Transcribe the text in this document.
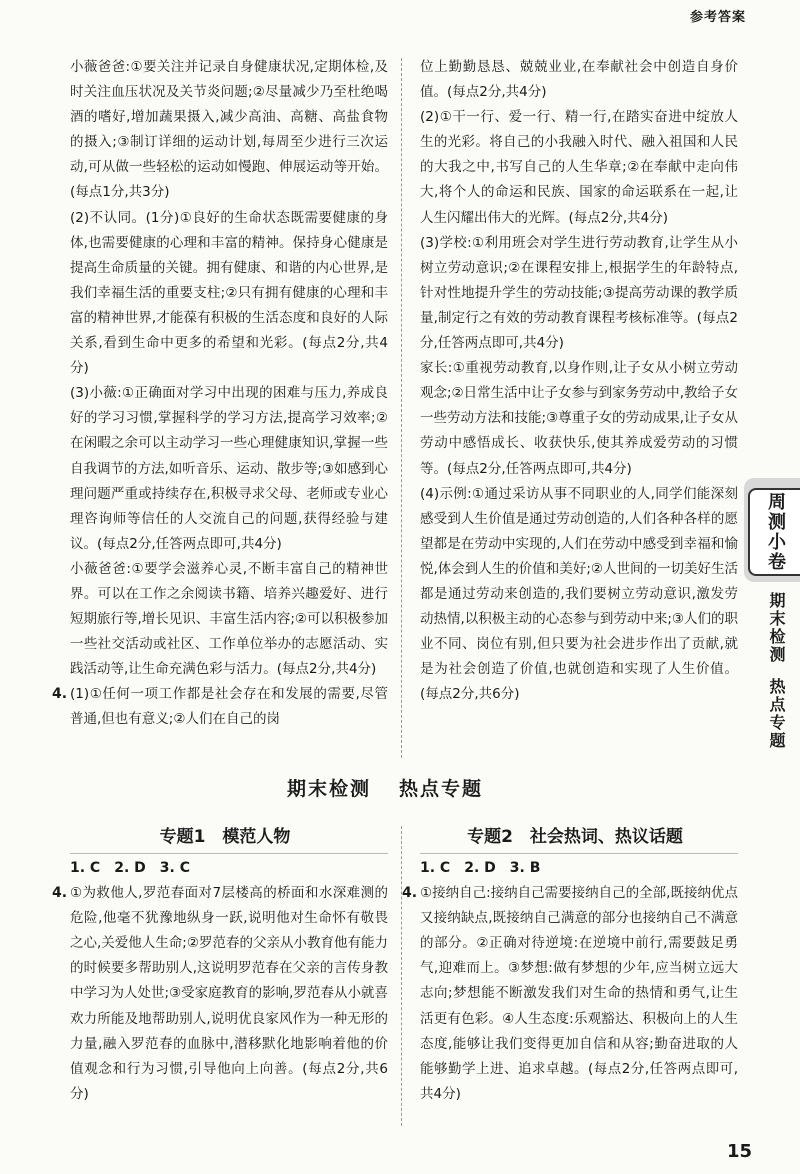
参考答案

小薇爸爸:①要关注并记录自身健康状况,定期体检,及时关注血压状况及关节炎问题;②尽量减少乃至杜绝喝酒的嗜好,增加蔬果摄入,减少高油、高糖、高盐食物的摄入;③制订详细的运动计划,每周至少进行三次运动,可从做一些轻松的运动如慢跑、伸展运动等开始。(每点1分,共3分)

(2)不认同。(1分)①良好的生命状态既需要健康的身体,也需要健康的心理和丰富的精神。保持身心健康是提高生命质量的关键。拥有健康、和谐的内心世界,是我们幸福生活的重要支柱;②只有拥有健康的心理和丰富的精神世界,才能葆有积极的生活态度和良好的人际关系,看到生命中更多的希望和光彩。(每点2分,共4分)

(3)小薇:①正确面对学习中出现的困难与压力,养成良好的学习习惯,掌握科学的学习方法,提高学习效率;②在闲暇之余可以主动学习一些心理健康知识,掌握一些自我调节的方法,如听音乐、运动、散步等;③如感到心理问题严重或持续存在,积极寻求父母、老师或专业心理咨询师等信任的人交流自己的问题,获得经验与建议。(每点2分,任答两点即可,共4分)

小薇爸爸:①要学会滋养心灵,不断丰富自己的精神世界。可以在工作之余阅读书籍、培养兴趣爱好、进行短期旅行等,增长见识、丰富生活内容;②可以积极参加一些社交活动或社区、工作单位举办的志愿活动、实践活动等,让生命充满色彩与活力。(每点2分,共4分)

4. (1)①任何一项工作都是社会存在和发展的需要,尽管普通,但也有意义;②人们在自己的岗

位上勤勤恳恳、兢兢业业,在奉献社会中创造自身价值。(每点2分,共4分)

(2)①干一行、爱一行、精一行,在踏实奋进中绽放人生的光彩。将自己的小我融入时代、融入祖国和人民的大我之中,书写自己的人生华章;②在奉献中走向伟大,将个人的命运和民族、国家的命运联系在一起,让人生闪耀出伟大的光辉。(每点2分,共4分)

(3)学校:①利用班会对学生进行劳动教育,让学生从小树立劳动意识;②在课程安排上,根据学生的年龄特点,针对性地提升学生的劳动技能;③提高劳动课的教学质量,制定行之有效的劳动教育课程考核标准等。(每点2分,任答两点即可,共4分)

家长:①重视劳动教育,以身作则,让子女从小树立劳动观念;②日常生活中让子女参与到家务劳动中,教给子女一些劳动方法和技能;③尊重子女的劳动成果,让子女从劳动中感悟成长、收获快乐,使其养成爱劳动的习惯等。(每点2分,任答两点即可,共4分)

(4)示例:①通过采访从事不同职业的人,同学们能深刻感受到人生价值是通过劳动创造的,人们各种各样的愿望都是在劳动中实现的,人们在劳动中感受到幸福和愉悦,体会到人生的价值和美好;②人世间的一切美好生活都是通过劳动来创造的,我们要树立劳动意识,激发劳动热情,以积极主动的心态参与到劳动中来;③人们的职业不同、岗位有别,但只要为社会进步作出了贡献,就是为社会创造了价值,也就创造和实现了人生价值。(每点2分,共6分)

期末检测 热点专题
专题1　模范人物	专题2　社会热词、热议话题

1. C　2. D　3. C

4. ①为救他人,罗范春面对7层楼高的桥面和水深难测的危险,他毫不犹豫地纵身一跃,说明他对生命怀有敬畏之心,关爱他人生命;②罗范春的父亲从小教育他有能力的时候要多帮助别人,这说明罗范春在父亲的言传身教中学习为人处世;③受家庭教育的影响,罗范春从小就喜欢力所能及地帮助别人,说明优良家风作为一种无形的力量,融入罗范春的血脉中,潜移默化地影响着他的价值观念和行为习惯,引导他向上向善。(每点2分,共6分)

1. C　2. D　3. B

4. ①接纳自己:接纳自己需要接纳自己的全部,既接纳优点又接纳缺点,既接纳自己满意的部分也接纳自己不满意的部分。②正确对待逆境:在逆境中前行,需要鼓足勇气,迎难而上。③梦想:做有梦想的少年,应当树立远大志向;梦想能不断激发我们对生命的热情和勇气,让生活更有色彩。④人生态度:乐观豁达、积极向上的人生态度,能够让我们变得更加自信和从容;勤奋进取的人能够勤学上进、追求卓越。(每点2分,任答两点即可,共4分)

周测小卷
期末检测
热点专题
15
